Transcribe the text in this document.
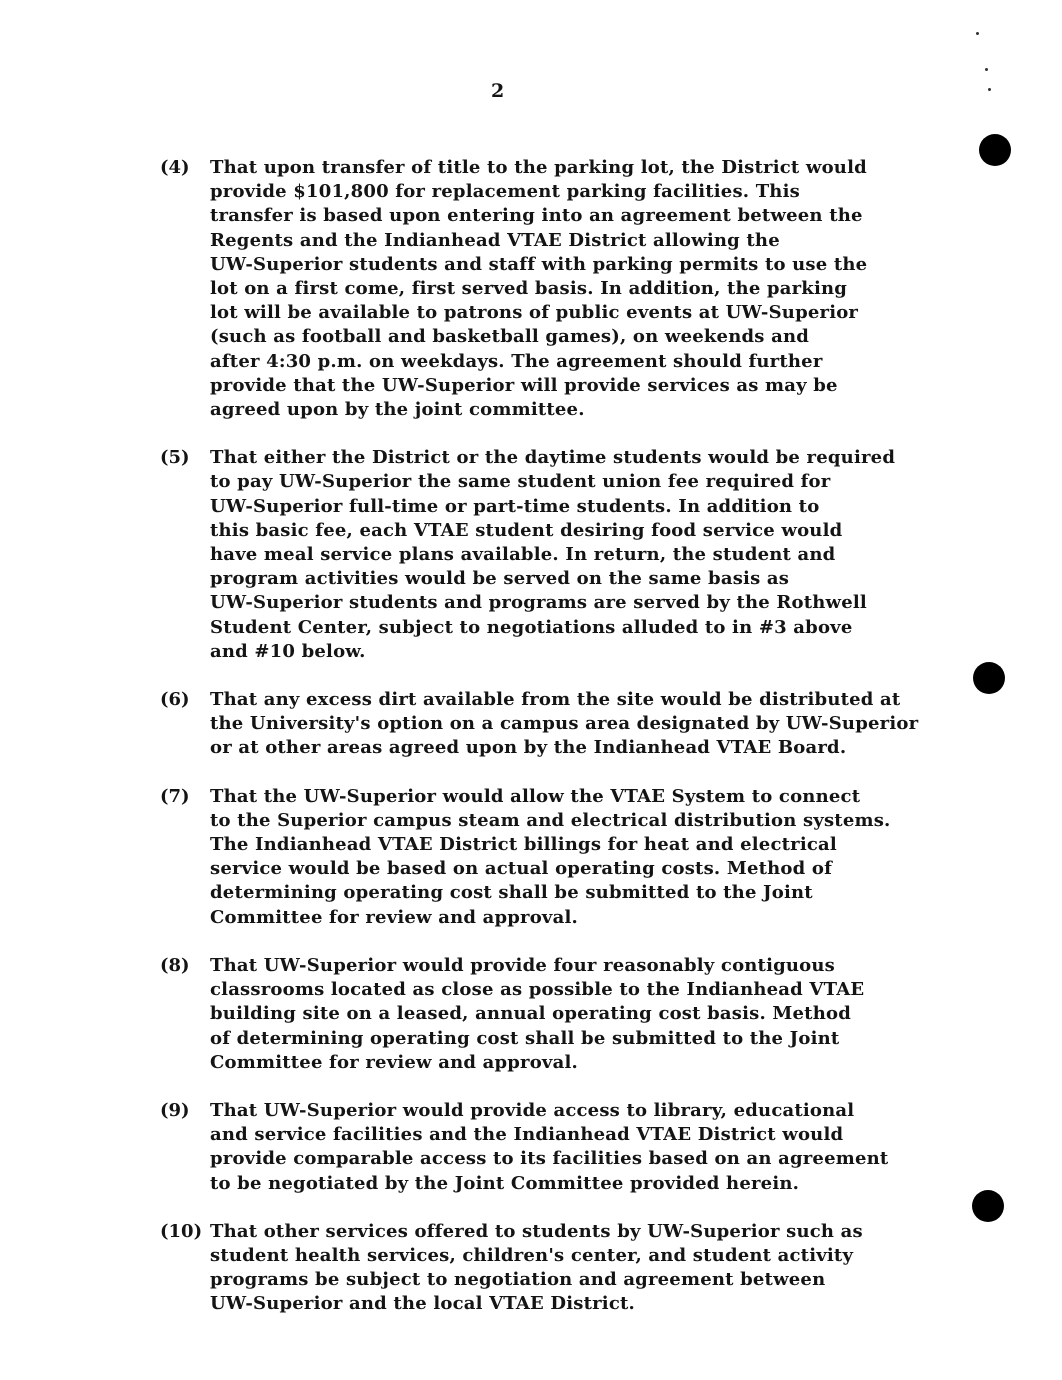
2
(4)	That upon transfer of title to the parking lot, the District would
provide $101,800 for replacement parking facilities. This
transfer is based upon entering into an agreement between the
Regents and the Indianhead VTAE District allowing the
UW-Superior students and staff with parking permits to use the
lot on a first come, first served basis. In addition, the parking
lot will be available to patrons of public events at UW-Superior
(such as football and basketball games), on weekends and
after 4:30 p.m. on weekdays. The agreement should further
provide that the UW-Superior will provide services as may be
agreed upon by the joint committee.
(5)	That either the District or the daytime students would be required
to pay UW-Superior the same student union fee required for
UW-Superior full-time or part-time students. In addition to
this basic fee, each VTAE student desiring food service would
have meal service plans available. In return, the student and
program activities would be served on the same basis as
UW-Superior students and programs are served by the Rothwell
Student Center, subject to negotiations alluded to in #3 above
and #10 below.
(6)	That any excess dirt available from the site would be distributed at
the University's option on a campus area designated by UW-Superior
or at other areas agreed upon by the Indianhead VTAE Board.
(7)	That the UW-Superior would allow the VTAE System to connect
to the Superior campus steam and electrical distribution systems.
The Indianhead VTAE District billings for heat and electrical
service would be based on actual operating costs. Method of
determining operating cost shall be submitted to the Joint
Committee for review and approval.
(8)	That UW-Superior would provide four reasonably contiguous
classrooms located as close as possible to the Indianhead VTAE
building site on a leased, annual operating cost basis. Method
of determining operating cost shall be submitted to the Joint
Committee for review and approval.
(9)	That UW-Superior would provide access to library, educational
and service facilities and the Indianhead VTAE District would
provide comparable access to its facilities based on an agreement
to be negotiated by the Joint Committee provided herein.
(10) That other services offered to students by UW-Superior such as
student health services, children's center, and student activity
programs be subject to negotiation and agreement between
UW-Superior and the local VTAE District.
